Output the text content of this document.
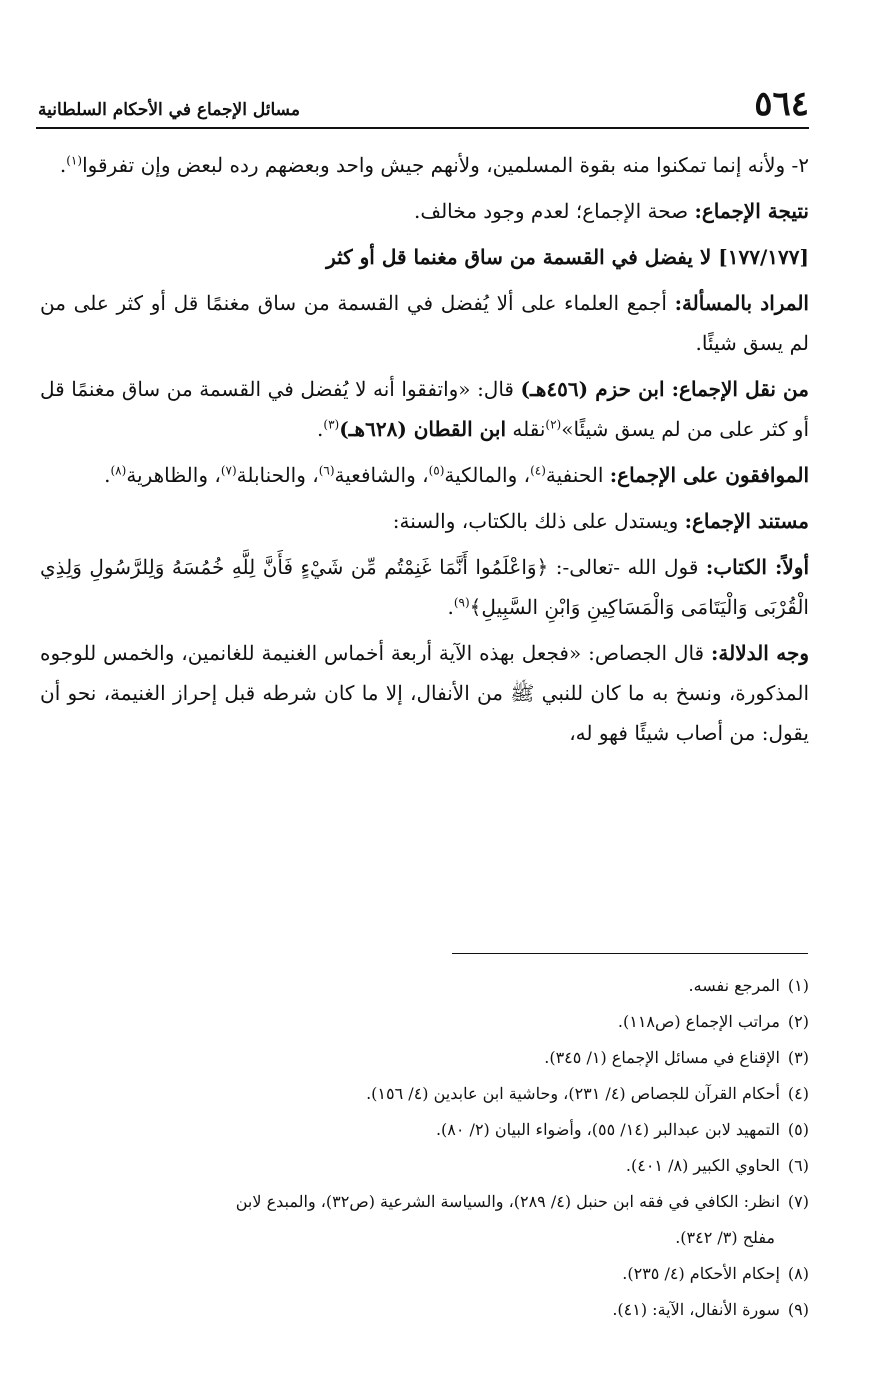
٥٦٤
مسائل الإجماع في الأحكام السلطانية

٢- ولأنه إنما تمكنوا منه بقوة المسلمين، ولأنهم جيش واحد وبعضهم رده لبعض وإن تفرقوا$^{(١)}$.

نتيجة الإجماع: صحة الإجماع؛ لعدم وجود مخالف.

[١٧٧/١٧٧] لا يفضل في القسمة من ساق مغنما قل أو كثر

المراد بالمسألة: أجمع العلماء على ألا يُفضل في القسمة من ساق مغنمًا قل أو كثر على من لم يسق شيئًا.

من نقل الإجماع: ابن حزم (٤٥٦هـ) قال: «واتفقوا أنه لا يُفضل في القسمة من ساق مغنمًا قل أو كثر على من لم يسق شيئًا»$^{(٢)}$نقله ابن القطان (٦٢٨هـ)$^{(٣)}$.

الموافقون على الإجماع: الحنفية$^{(٤)}$، والمالكية$^{(٥)}$، والشافعية$^{(٦)}$، والحنابلة$^{(٧)}$، والظاهرية$^{(٨)}$.

مستند الإجماع: ويستدل على ذلك بالكتاب، والسنة:

أولاً: الكتاب: قول الله -تعالى-: ﴿وَاعْلَمُوا أَنَّمَا غَنِمْتُم مِّن شَيْءٍ فَأَنَّ لِلَّهِ خُمُسَهُ وَلِلرَّسُولِ وَلِذِي الْقُرْبَى وَالْيَتَامَى وَالْمَسَاكِينِ وَابْنِ السَّبِيلِ﴾$^{(٩)}$.

وجه الدلالة: قال الجصاص: «فجعل بهذه الآية أربعة أخماس الغنيمة للغانمين، والخمس للوجوه المذكورة، ونسخ به ما كان للنبي ﷺ من الأنفال، إلا ما كان شرطه قبل إحراز الغنيمة، نحو أن يقول: من أصاب شيئًا فهو له،

(١)المرجع نفسه.

(٢)مراتب الإجماع (ص١١٨).

(٣)الإقناع في مسائل الإجماع (١/ ٣٤٥).

(٤)أحكام القرآن للجصاص (٤/ ٢٣١)، وحاشية ابن عابدين (٤/ ١٥٦).

(٥)التمهيد لابن عبدالبر (١٤/ ٥٥)، وأضواء البيان (٢/ ٨٠).

(٦)الحاوي الكبير (٨/ ٤٠١).

(٧)انظر: الكافي في فقه ابن حنبل (٤/ ٢٨٩)، والسياسة الشرعية (ص٣٢)، والمبدع لابن

مفلح (٣/ ٣٤٢).

(٨)إحكام الأحكام (٤/ ٢٣٥).

(٩)سورة الأنفال، الآية: (٤١).
